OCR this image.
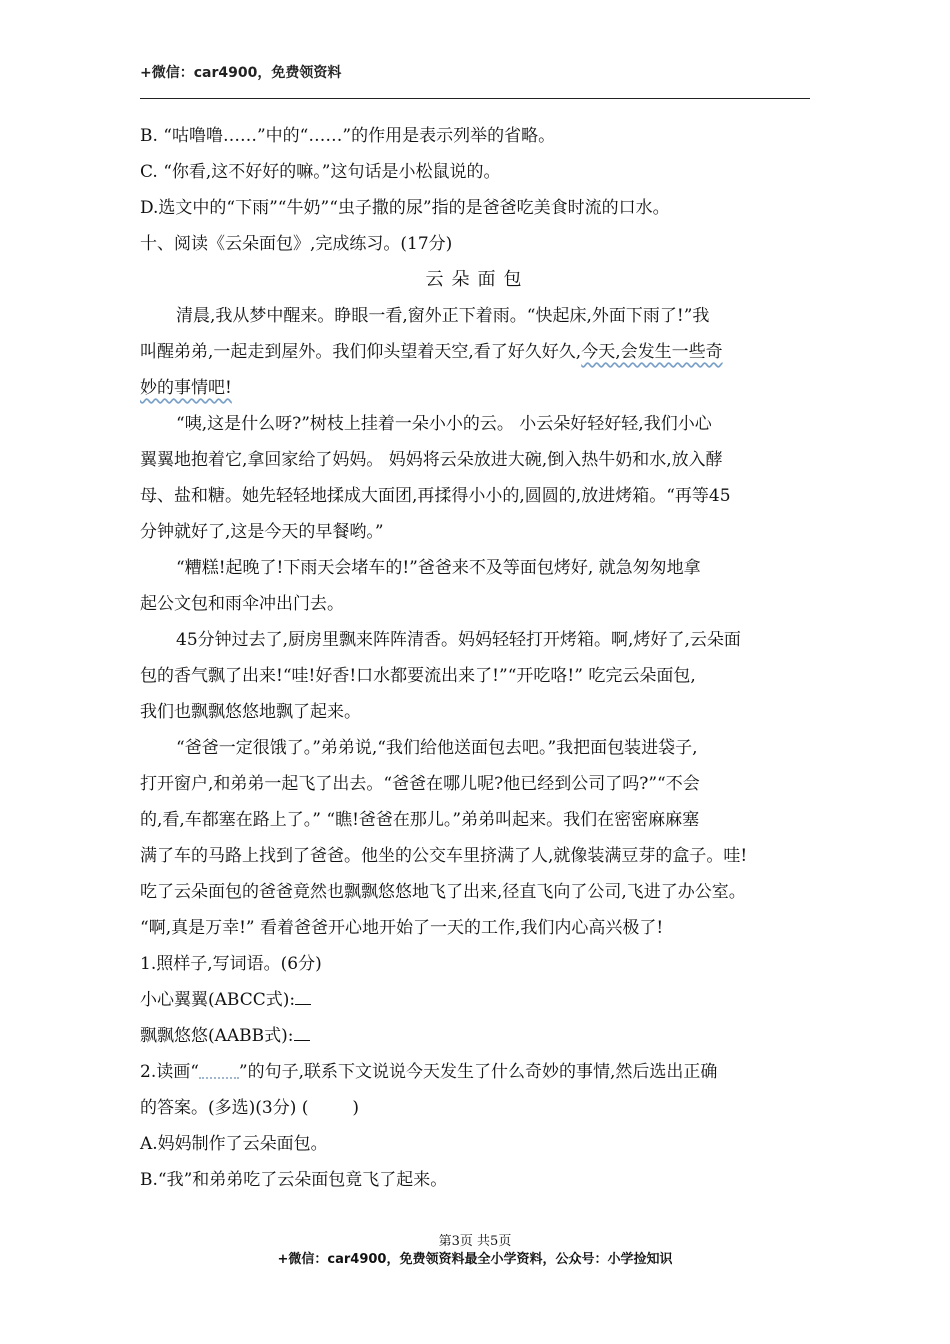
+微信：car4900，免费领资料
B. “咕噜噜……”中的“……”的作用是表示列举的省略。
C. “你看,这不好好的嘛。”这句话是小松鼠说的。
D.选文中的“下雨”“牛奶”“虫子撒的尿”指的是爸爸吃美食时流的口水。
十、阅读《云朵面包》,完成练习。(17分)
云朵面包
清晨,我从梦中醒来。睁眼一看,窗外正下着雨。“快起床,外面下雨了!”我
叫醒弟弟,一起走到屋外。我们仰头望着天空,看了好久好久,今天,会发生一些奇
妙的事情吧!
“咦,这是什么呀?”树枝上挂着一朵小小的云。 小云朵好轻好轻,我们小心
翼翼地抱着它,拿回家给了妈妈。 妈妈将云朵放进大碗,倒入热牛奶和水,放入酵
母、盐和糖。她先轻轻地揉成大面团,再揉得小小的,圆圆的,放进烤箱。“再等45
分钟就好了,这是今天的早餐哟。”
“糟糕!起晚了!下雨天会堵车的!”爸爸来不及等面包烤好, 就急匆匆地拿
起公文包和雨伞冲出门去。
45分钟过去了,厨房里飘来阵阵清香。妈妈轻轻打开烤箱。啊,烤好了,云朵面
包的香气飘了出来!“哇!好香!口水都要流出来了!”“开吃咯!” 吃完云朵面包,
我们也飘飘悠悠地飘了起来。
“爸爸一定很饿了。”弟弟说,“我们给他送面包去吧。”我把面包装进袋子,
打开窗户,和弟弟一起飞了出去。“爸爸在哪儿呢?他已经到公司了吗?”“不会
的,看,车都塞在路上了。” “瞧!爸爸在那儿。”弟弟叫起来。我们在密密麻麻塞
满了车的马路上找到了爸爸。他坐的公交车里挤满了人,就像装满豆芽的盒子。哇!
吃了云朵面包的爸爸竟然也飘飘悠悠地飞了出来,径直飞向了公司,飞进了办公室。
“啊,真是万幸!” 看着爸爸开心地开始了一天的工作,我们内心高兴极了!
1.照样子,写词语。(6分)
小心翼翼(ABCC式):
飘飘悠悠(AABB式):
2.读画“ ”的句子,联系下文说说今天发生了什么奇妙的事情,然后选出正确
的答案。(多选)(3分) (	)
A.妈妈制作了云朵面包。
B.“我”和弟弟吃了云朵面包竟飞了起来。
第3页 共5页
+微信：car4900，免费领资料最全小学资料，公众号：小学捡知识
